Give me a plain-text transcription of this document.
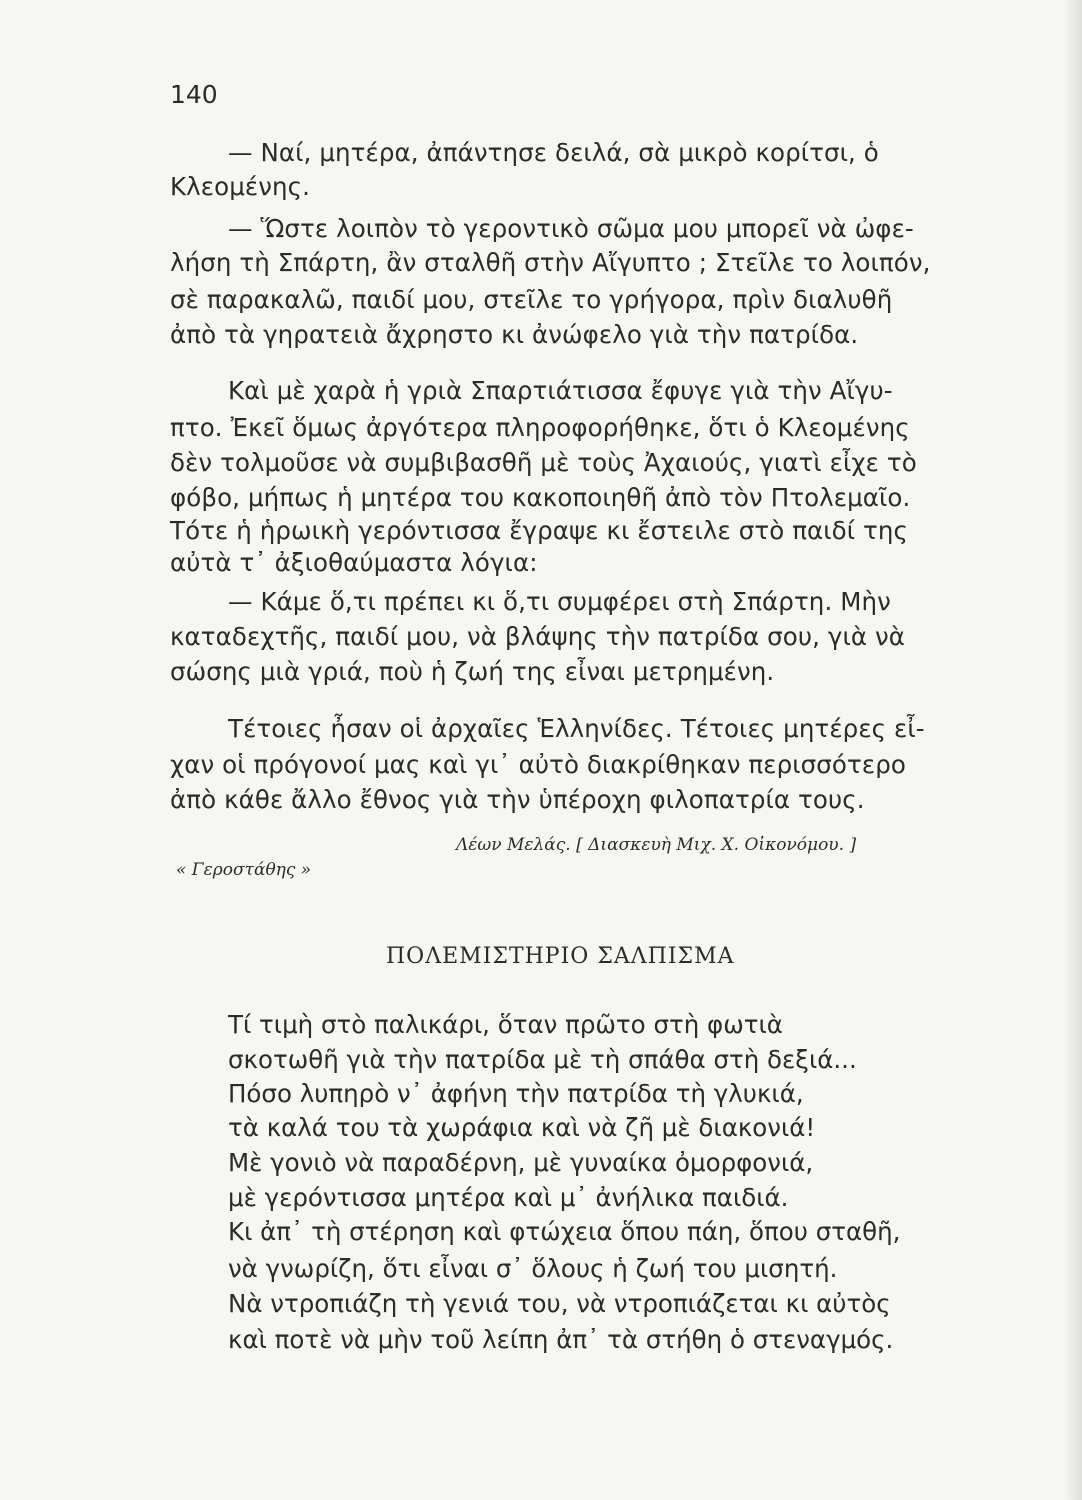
140
— Ναί, μητέρα, ἀπάντησε δειλά, σὰ μικρὸ κορίτσι, ὁ
Κλεομένης.
— Ὥστε λοιπὸν τὸ γεροντικὸ σῶμα μου μπορεῖ νὰ ὠφε-
λήση τὴ Σπάρτη, ἂν σταλθῆ στὴν Αἴγυπτο ; Στεῖλε το λοιπόν,
σὲ παρακαλῶ, παιδί μου, στεῖλε το γρήγορα, πρὶν διαλυθῆ
ἀπὸ τὰ γηρατειὰ ἄχρηστο κι ἀνώφελο γιὰ τὴν πατρίδα.
Καὶ μὲ χαρὰ ἡ γριὰ Σπαρτιάτισσα ἔφυγε γιὰ τὴν Αἴγυ-
πτο. Ἐκεῖ ὅμως ἀργότερα πληροφορήθηκε, ὅτι ὁ Κλεομένης
δὲν τολμοῦσε νὰ συμβιβασθῆ μὲ τοὺς Ἀχαιούς, γιατὶ εἶχε τὸ
φόβο, μήπως ἡ μητέρα του κακοποιηθῆ ἀπὸ τὸν Πτολεμαῖο.
Τότε ἡ ἡρωικὴ γερόντισσα ἔγραψε κι ἔστειλε στὸ παιδί της
αὐτὰ τ᾽ ἀξιοθαύμαστα λόγια:
— Κάμε ὅ,τι πρέπει κι ὅ,τι συμφέρει στὴ Σπάρτη. Μὴν
καταδεχτῆς, παιδί μου, νὰ βλάψης τὴν πατρίδα σου, γιὰ νὰ
σώσης μιὰ γριά, ποὺ ἡ ζωή της εἶναι μετρημένη.
Τέτοιες ἦσαν οἱ ἀρχαῖες Ἑλληνίδες. Τέτοιες μητέρες εἶ-
χαν οἱ πρόγονοί μας καὶ γι᾽ αὐτὸ διακρίθηκαν περισσότερο
ἀπὸ κάθε ἄλλο ἔθνος γιὰ τὴν ὑπέροχη φιλοπατρία τους.
Λέων Μελάς. [ Διασκευὴ Μιχ. Χ. Οἰκονόμου. ]
« Γεροστάθης »
ΠΟΛΕΜΙΣΤΗΡΙΟ ΣΑΛΠΙΣΜΑ
Τί τιμὴ στὸ παλικάρι, ὅταν πρῶτο στὴ φωτιὰ
σκοτωθῆ γιὰ τὴν πατρίδα μὲ τὴ σπάθα στὴ δεξιά...
Πόσο λυπηρὸ ν᾽ ἀφήνη τὴν πατρίδα τὴ γλυκιά,
τὰ καλά του τὰ χωράφια καὶ νὰ ζῆ μὲ διακονιά!
Μὲ γονιὸ νὰ παραδέρνη, μὲ γυναίκα ὀμορφονιά,
μὲ γερόντισσα μητέρα καὶ μ᾽ ἀνήλικα παιδιά.
Κι ἀπ᾽ τὴ στέρηση καὶ φτώχεια ὅπου πάη, ὅπου σταθῆ,
νὰ γνωρίζη, ὅτι εἶναι σ᾽ ὅλους ἡ ζωή του μισητή.
Νὰ ντροπιάζη τὴ γενιά του, νὰ ντροπιάζεται κι αὐτὸς
καὶ ποτὲ νὰ μὴν τοῦ λείπη ἀπ᾽ τὰ στήθη ὁ στεναγμός.
